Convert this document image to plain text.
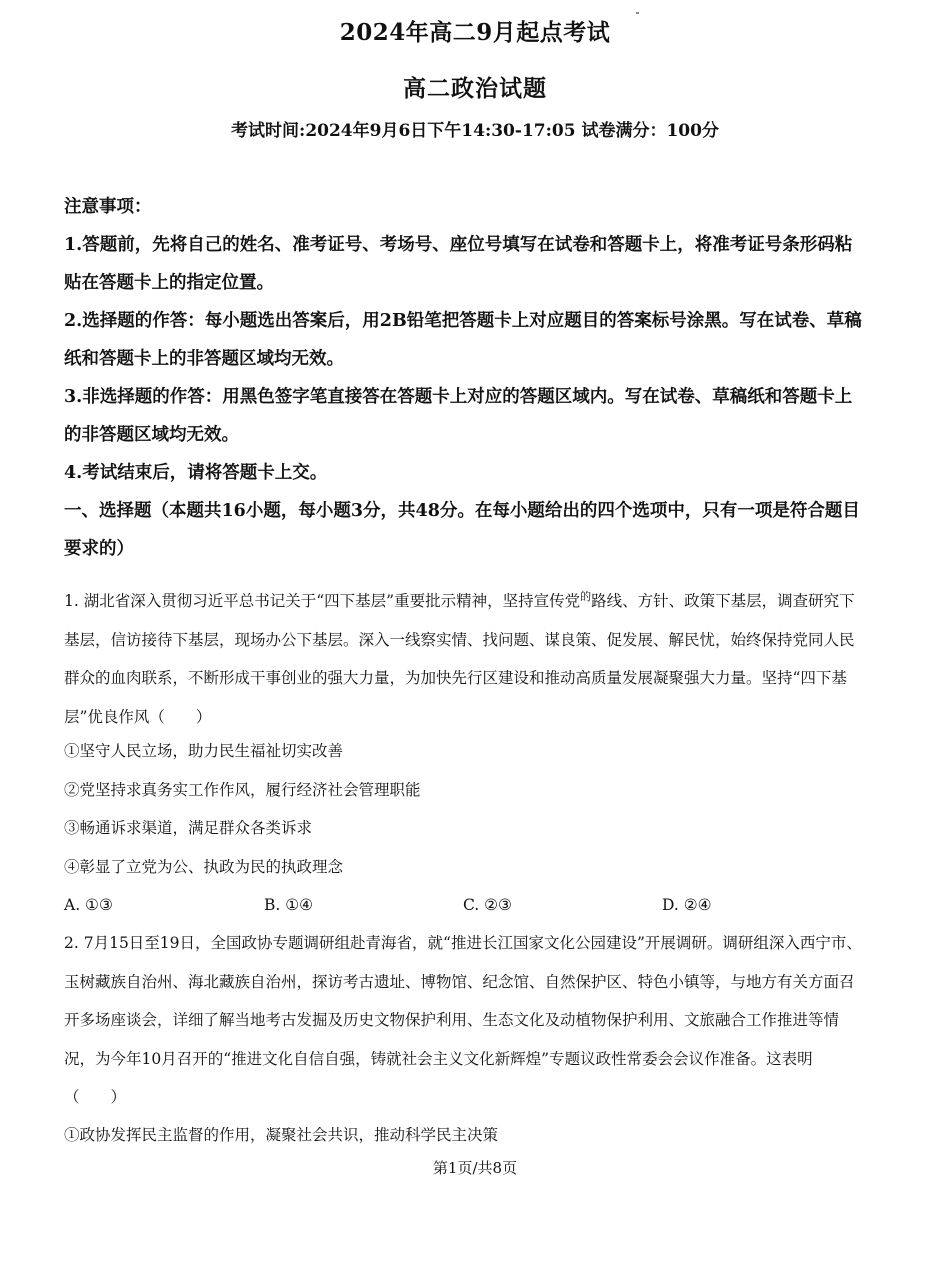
2024年高二9月起点考试
高二政治试题
考试时间:2024年9月6日下午14:30-17:05 试卷满分：100分
注意事项：

1.答题前，先将自己的姓名、准考证号、考场号、座位号填写在试卷和答题卡上，将准考证号条形码粘贴在答题卡上的指定位置。

2.选择题的作答：每小题选出答案后，用2B铅笔把答题卡上对应题目的答案标号涂黑。写在试卷、草稿纸和答题卡上的非答题区域均无效。

3.非选择题的作答：用黑色签字笔直接答在答题卡上对应的答题区域内。写在试卷、草稿纸和答题卡上的非答题区域均无效。

4.考试结束后，请将答题卡上交。

一、选择题（本题共16小题，每小题3分，共48分。在每小题给出的四个选项中，只有一项是符合题目要求的）
1. 湖北省深入贯彻习近平总书记关于“四下基层”重要批示精神，坚持宣传党$^的$路线、方针、政策下基层，调查研究下基层，信访接待下基层，现场办公下基层。深入一线察实情、找问题、谋良策、促发展、解民忧，始终保持党同人民群众的血肉联系，不断形成干事创业的强大力量，为加快先行区建设和推动高质量发展凝聚强大力量。坚持“四下基层”优良作风（　　）
①坚守人民立场，助力民生福祉切实改善
②党坚持求真务实工作作风，履行经济社会管理职能
③畅通诉求渠道，满足群众各类诉求
④彰显了立党为公、执政为民的执政理念
A. ①③	B. ①④	C. ②③	D. ②④
2. 7月15日至19日，全国政协专题调研组赴青海省，就“推进长江国家文化公园建设”开展调研。调研组深入西宁市、玉树藏族自治州、海北藏族自治州，探访考古遗址、博物馆、纪念馆、自然保护区、特色小镇等，与地方有关方面召开多场座谈会，详细了解当地考古发掘及历史文物保护利用、生态文化及动植物保护利用、文旅融合工作推进等情况，为今年10月召开的“推进文化自信自强，铸就社会主义文化新辉煌”专题议政性常委会会议作准备。这表明（　　）
①政协发挥民主监督的作用，凝聚社会共识，推动科学民主决策
第1页/共8页
